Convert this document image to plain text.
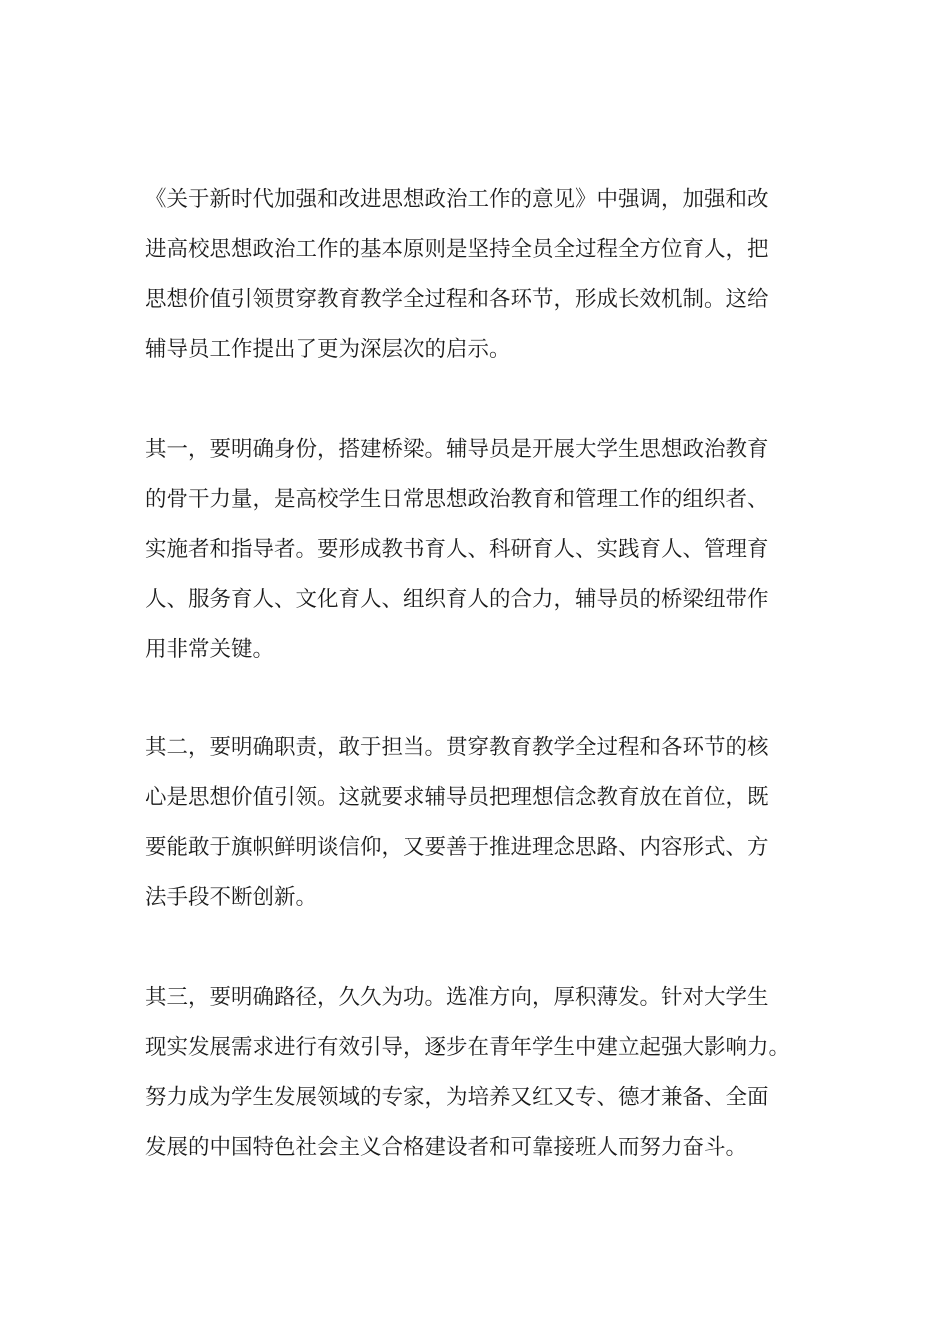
《关于新时代加强和改进思想政治工作的意见》中强调，加强和改
进高校思想政治工作的基本原则是坚持全员全过程全方位育人，把
思想价值引领贯穿教育教学全过程和各环节，形成长效机制。这给
辅导员工作提出了更为深层次的启示。
其一，要明确身份，搭建桥梁。辅导员是开展大学生思想政治教育
的骨干力量，是高校学生日常思想政治教育和管理工作的组织者、
实施者和指导者。要形成教书育人、科研育人、实践育人、管理育
人、服务育人、文化育人、组织育人的合力，辅导员的桥梁纽带作
用非常关键。
其二，要明确职责，敢于担当。贯穿教育教学全过程和各环节的核
心是思想价值引领。这就要求辅导员把理想信念教育放在首位，既
要能敢于旗帜鲜明谈信仰，又要善于推进理念思路、内容形式、方
法手段不断创新。
其三，要明确路径，久久为功。选准方向，厚积薄发。针对大学生
现实发展需求进行有效引导，逐步在青年学生中建立起强大影响力。
努力成为学生发展领域的专家，为培养又红又专、德才兼备、全面
发展的中国特色社会主义合格建设者和可靠接班人而努力奋斗。
